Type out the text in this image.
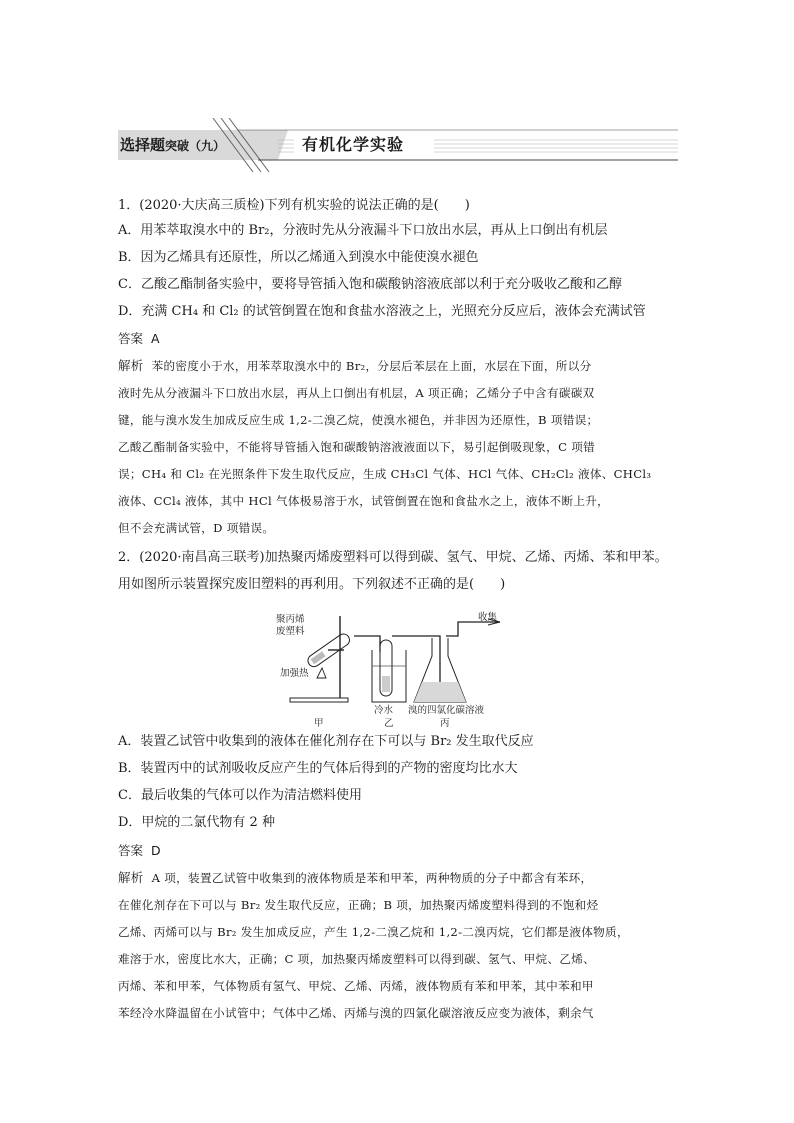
选择题突破（九）	有机化学实验
1．(2020·大庆高三质检)下列有机实验的说法正确的是(　　)
A．用苯萃取溴水中的 Br₂，分液时先从分液漏斗下口放出水层，再从上口倒出有机层
B．因为乙烯具有还原性，所以乙烯通入到溴水中能使溴水褪色
C．乙酸乙酯制备实验中，要将导管插入饱和碳酸钠溶液底部以利于充分吸收乙酸和乙醇
D．充满 CH₄ 和 Cl₂ 的试管倒置在饱和食盐水溶液之上，光照充分反应后，液体会充满试管
答案 A
解析 苯的密度小于水，用苯萃取溴水中的 Br₂，分层后苯层在上面，水层在下面，所以分
液时先从分液漏斗下口放出水层，再从上口倒出有机层，A 项正确；乙烯分子中含有碳碳双
键，能与溴水发生加成反应生成 1,2-二溴乙烷，使溴水褪色，并非因为还原性，B 项错误；
乙酸乙酯制备实验中，不能将导管插入饱和碳酸钠溶液液面以下，易引起倒吸现象，C 项错
误；CH₄ 和 Cl₂ 在光照条件下发生取代反应，生成 CH₃Cl 气体、HCl 气体、CH₂Cl₂ 液体、CHCl₃
液体、CCl₄ 液体，其中 HCl 气体极易溶于水，试管倒置在饱和食盐水之上，液体不断上升，
但不会充满试管，D 项错误。
2．(2020·南昌高三联考)加热聚丙烯废塑料可以得到碳、氢气、甲烷、乙烯、丙烯、苯和甲苯。
用如图所示装置探究废旧塑料的再利用。下列叙述不正确的是(　　)
聚丙烯
废塑料
加强热
收集
冷水 溴的四氯化碳溶液
甲	乙	丙
A．装置乙试管中收集到的液体在催化剂存在下可以与 Br₂ 发生取代反应
B．装置丙中的试剂吸收反应产生的气体后得到的产物的密度均比水大
C．最后收集的气体可以作为清洁燃料使用
D．甲烷的二氯代物有 2 种
答案 D
解析 A 项，装置乙试管中收集到的液体物质是苯和甲苯，两种物质的分子中都含有苯环，
在催化剂存在下可以与 Br₂ 发生取代反应，正确；B 项，加热聚丙烯废塑料得到的不饱和烃
乙烯、丙烯可以与 Br₂ 发生加成反应，产生 1,2-二溴乙烷和 1,2-二溴丙烷，它们都是液体物质，
难溶于水，密度比水大，正确；C 项，加热聚丙烯废塑料可以得到碳、氢气、甲烷、乙烯、
丙烯、苯和甲苯，气体物质有氢气、甲烷、乙烯、丙烯，液体物质有苯和甲苯，其中苯和甲
苯经冷水降温留在小试管中；气体中乙烯、丙烯与溴的四氯化碳溶液反应变为液体，剩余气
